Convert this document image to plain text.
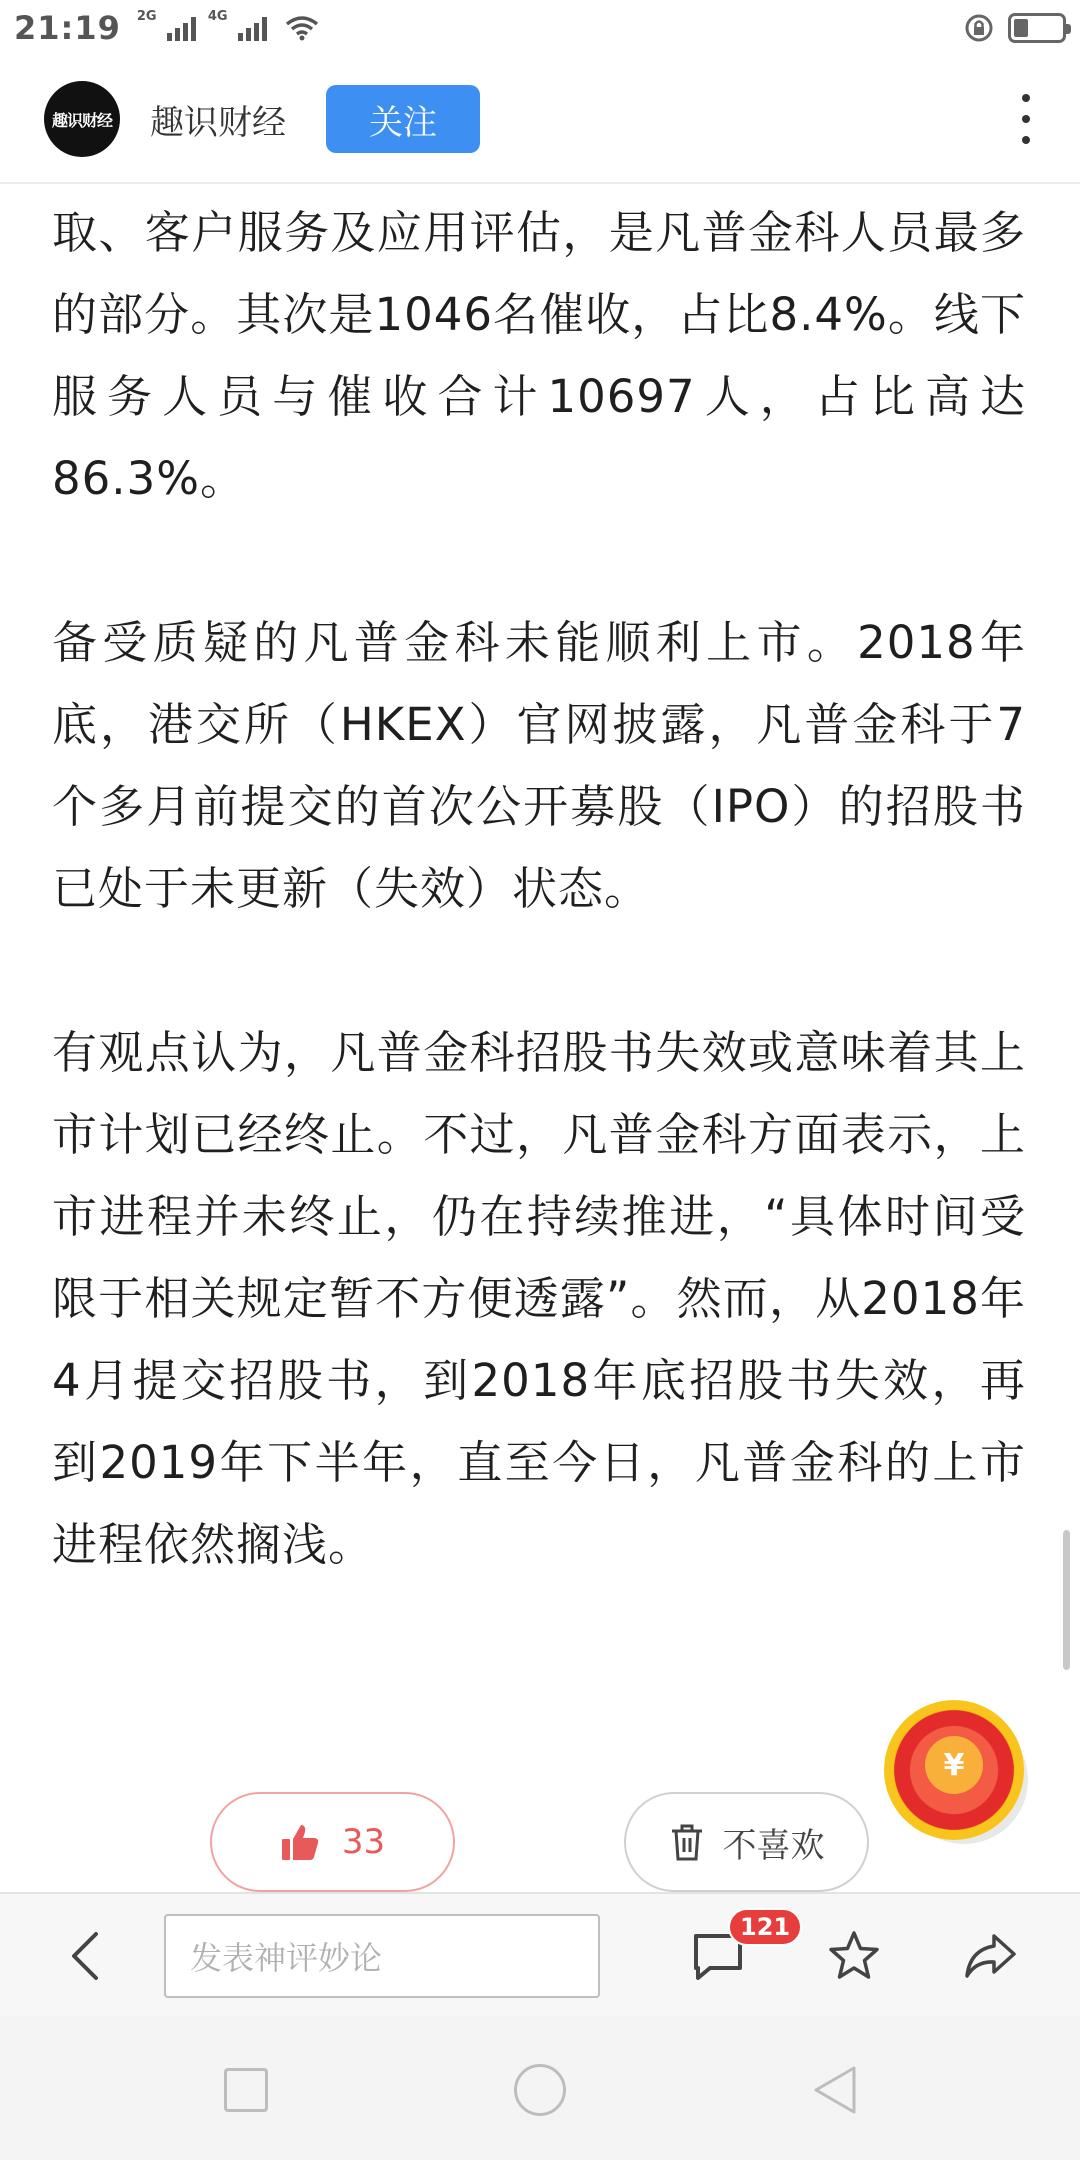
21:19 2G	4G
趣识财经 趣识财经	关注

取、客户服务及应用评估，是凡普金科人员最多的部分。其次是1046名催收，占比8.4%。线下服务人员与催收合计10697人，占比高达86.3%。

备受质疑的凡普金科未能顺利上市。2018年底，港交所（HKEX）官网披露，凡普金科于7个多月前提交的首次公开募股（IPO）的招股书已处于未更新（失效）状态。

有观点认为，凡普金科招股书失效或意味着其上市计划已经终止。不过，凡普金科方面表示，上市进程并未终止，仍在持续推进，“具体时间受限于相关规定暂不方便透露”。然而，从2018年4月提交招股书，到2018年底招股书失效，再到2019年下半年，直至今日，凡普金科的上市进程依然搁浅。

33	不喜欢
¥
发表神评妙论
121
